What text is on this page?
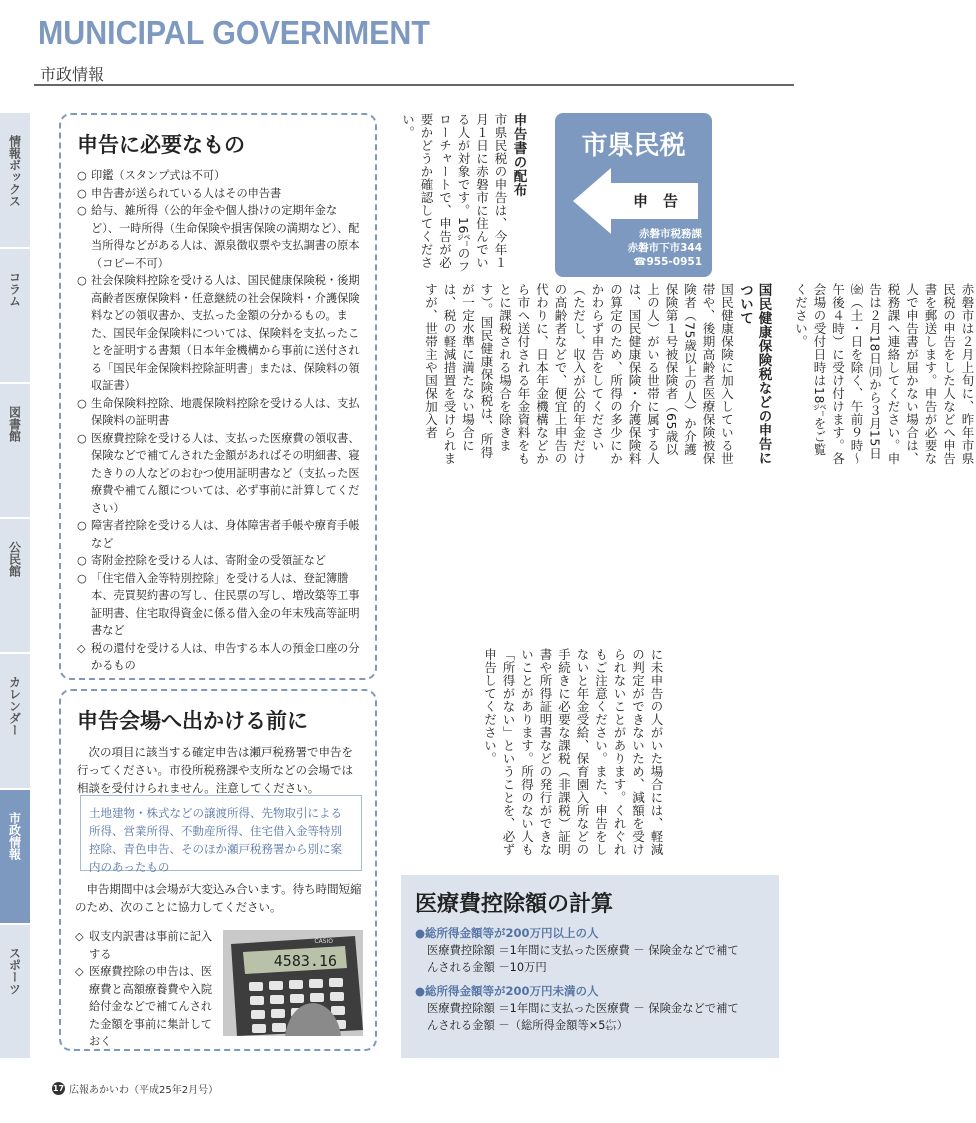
MUNICIPAL GOVERNMENT
市政情報
情報ボックス
コラム
図書館
公民館
カレンダー
市政情報
スポーツ
申告に必要なもの
○ 印鑑（スタンプ式は不可）
○ 申告書が送られている人はその申告書
○ 給与、雑所得（公的年金や個人掛けの定期年金など）、一時所得（生命保険や損害保険の満期など）、配当所得などがある人は、源泉徴収票や支払調書の原本（コピー不可）
○ 社会保険料控除を受ける人は、国民健康保険税・後期高齢者医療保険料・任意継続の社会保険料・介護保険料などの領収書か、支払った金額の分かるもの。また、国民年金保険料については、保険料を支払ったことを証明する書類（日本年金機構から事前に送付される「国民年金保険料控除証明書」または、保険料の領収証書）
○ 生命保険料控除、地震保険料控除を受ける人は、支払保険料の証明書
○ 医療費控除を受ける人は、支払った医療費の領収書、保険などで補てんされた金額があればその明細書、寝たきりの人などのおむつ使用証明書など（支払った医療費や補てん額については、必ず事前に計算してください）
○ 障害者控除を受ける人は、身体障害者手帳や療育手帳など
○ 寄附金控除を受ける人は、寄附金の受領証など
○ 「住宅借入金等特別控除」を受ける人は、登記簿謄本、売買契約書の写し、住民票の写し、増改築等工事証明書、住宅取得資金に係る借入金の年末残高等証明書など
◇ 税の還付を受ける人は、申告する本人の預金口座の分かるもの
申告会場へ出かける前に

次の項目に該当する確定申告は瀬戸税務署で申告を行ってください。市役所税務課や支所などの会場では相談を受付けられません。注意してください。

土地建物・株式などの譲渡所得、先物取引による所得、営業所得、不動産所得、住宅借入金等特別控除、青色申告、そのほか瀬戸税務署から別に案内のあったもの

申告期間中は会場が大変込み合います。待ち時間短縮のため、次のことに協力してください。

◇ 収支内訳書は事前に記入する
◇ 医療費控除の申告は、医療費と高額療養費や入院給付金などで補てんされた金額を事前に集計しておく
4583.16
CASIO
市県民税
申　告
赤磐市税務課
赤磐市下市344
☎955-0951
申告書の配布
市県民税の申告は、今年１月１日に赤磐市に住んでいる人が対象です。16㌻のフローチャートで、申告が必要かどうか確認してください。
赤磐市は２月上旬に、昨年市県民税の申告をした人などへ申告書を郵送します。申告が必要な人で申告書が届かない場合は、税務課へ連絡してください。申告は２月18日㈪から３月15日㈮（土・日を除く、午前９時～午後４時）に受け付けます。各会場の受付日時は18㌻をご覧ください。

国民健康保険税などの申告について
国民健康保険に加入している世帯や、後期高齢者医療保険被保険者（75歳以上の人）か介護保険第１号被保険者（65歳以上の人）がいる世帯に属する人は、国民健康保険・介護保険料の算定のため、所得の多少にかかわらず申告をしてください（ただし、収入が公的年金だけの高齢者などで、便宜上申告の代わりに、日本年金機構などから市へ送付される年金資料をもとに課税される場合を除きます）。国民健康保険税は、所得が一定水準に満たない場合には、税の軽減措置を受けられますが、世帯主や国保加入者
に未申告の人がいた場合には、軽減の判定ができないため、減額を受けられないことがあります。くれぐれもご注意ください。また、申告をしないと年金受給、保育園入所などの手続きに必要な課税（非課税）証明書や所得証明書などの発行ができないことがあります。所得のない人も「所得がない」ということを、必ず申告してください。
医療費控除額の計算
●総所得金額等が200万円以上の人
医療費控除額 ＝1年間に支払った医療費 － 保険金などで補てんされる金額 －10万円
●総所得金額等が200万円未満の人
医療費控除額 ＝1年間に支払った医療費 － 保険金などで補てんされる金額 －（総所得金額等×5㌫）
17 広報あかいわ（平成25年2月号）
